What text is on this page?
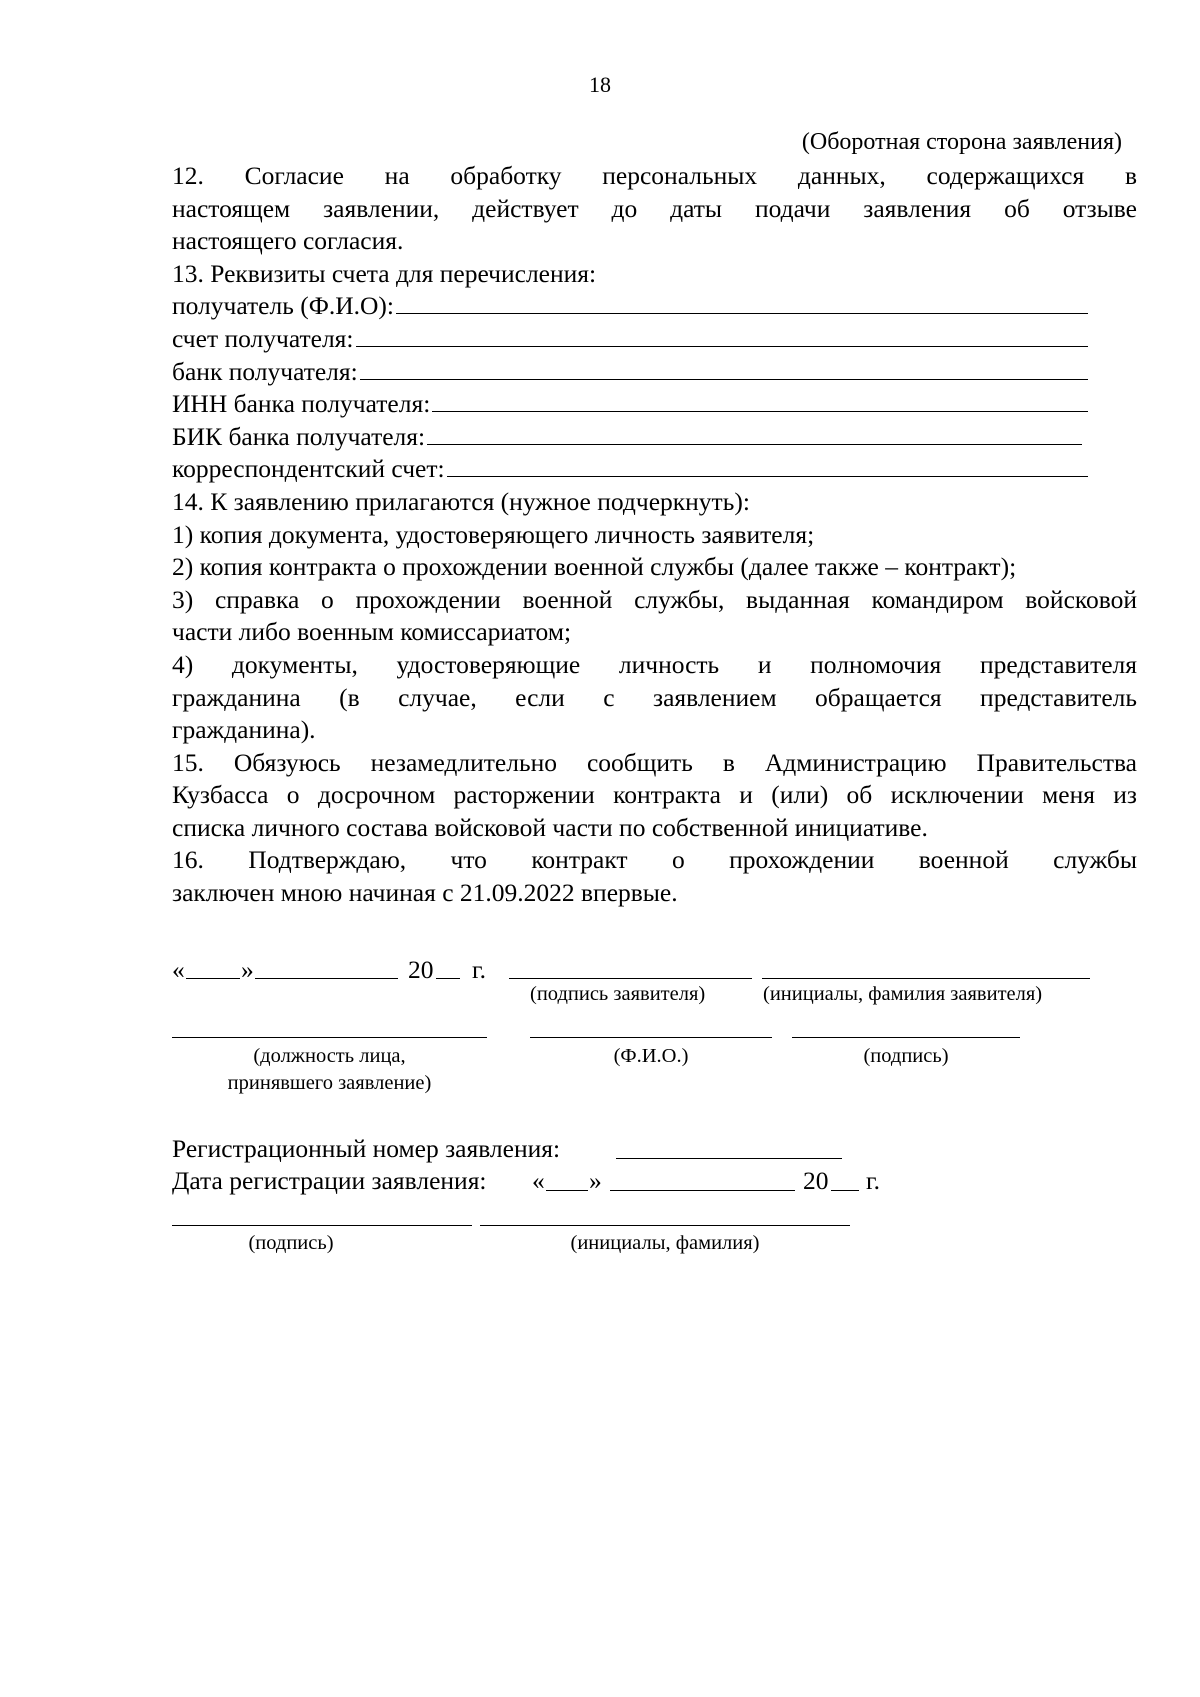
18
(Оборотная сторона заявления)

12. Согласие на обработку персональных данных, содержащихся в

настоящем заявлении, действует до даты подачи заявления об отзыве

настоящего согласия.

13. Реквизиты счета для перечисления:

получатель (Ф.И.О):
счет получателя:
банк получателя:
ИНН банка получателя:
БИК банка получателя:
корреспондентский счет:

14. К заявлению прилагаются (нужное подчеркнуть):

1) копия документа, удостоверяющего личность заявителя;

2) копия контракта о прохождении военной службы (далее также – контракт);

3) справка о прохождении военной службы, выданная командиром войсковой

части либо военным комиссариатом;

4) документы, удостоверяющие личность и полномочия представителя

гражданина (в случае, если с заявлением обращается представитель

гражданина).

15. Обязуюсь незамедлительно сообщить в Администрацию Правительства

Кузбасса о досрочном расторжении контракта и (или) об исключении меня из

списка личного состава войсковой части по собственной инициативе.

16. Подтверждаю, что контракт о прохождении военной службы

заключен мною начиная с 21.09.2022 впервые.

« »	20 г.
(подпись заявителя)	(инициалы, фамилия заявителя)
(должность лица,
принявшего заявление)
(Ф.И.О.)	(подпись)
Регистрационный номер заявления:
Дата регистрации заявления: « »	20 г.
(подпись)	(инициалы, фамилия)
